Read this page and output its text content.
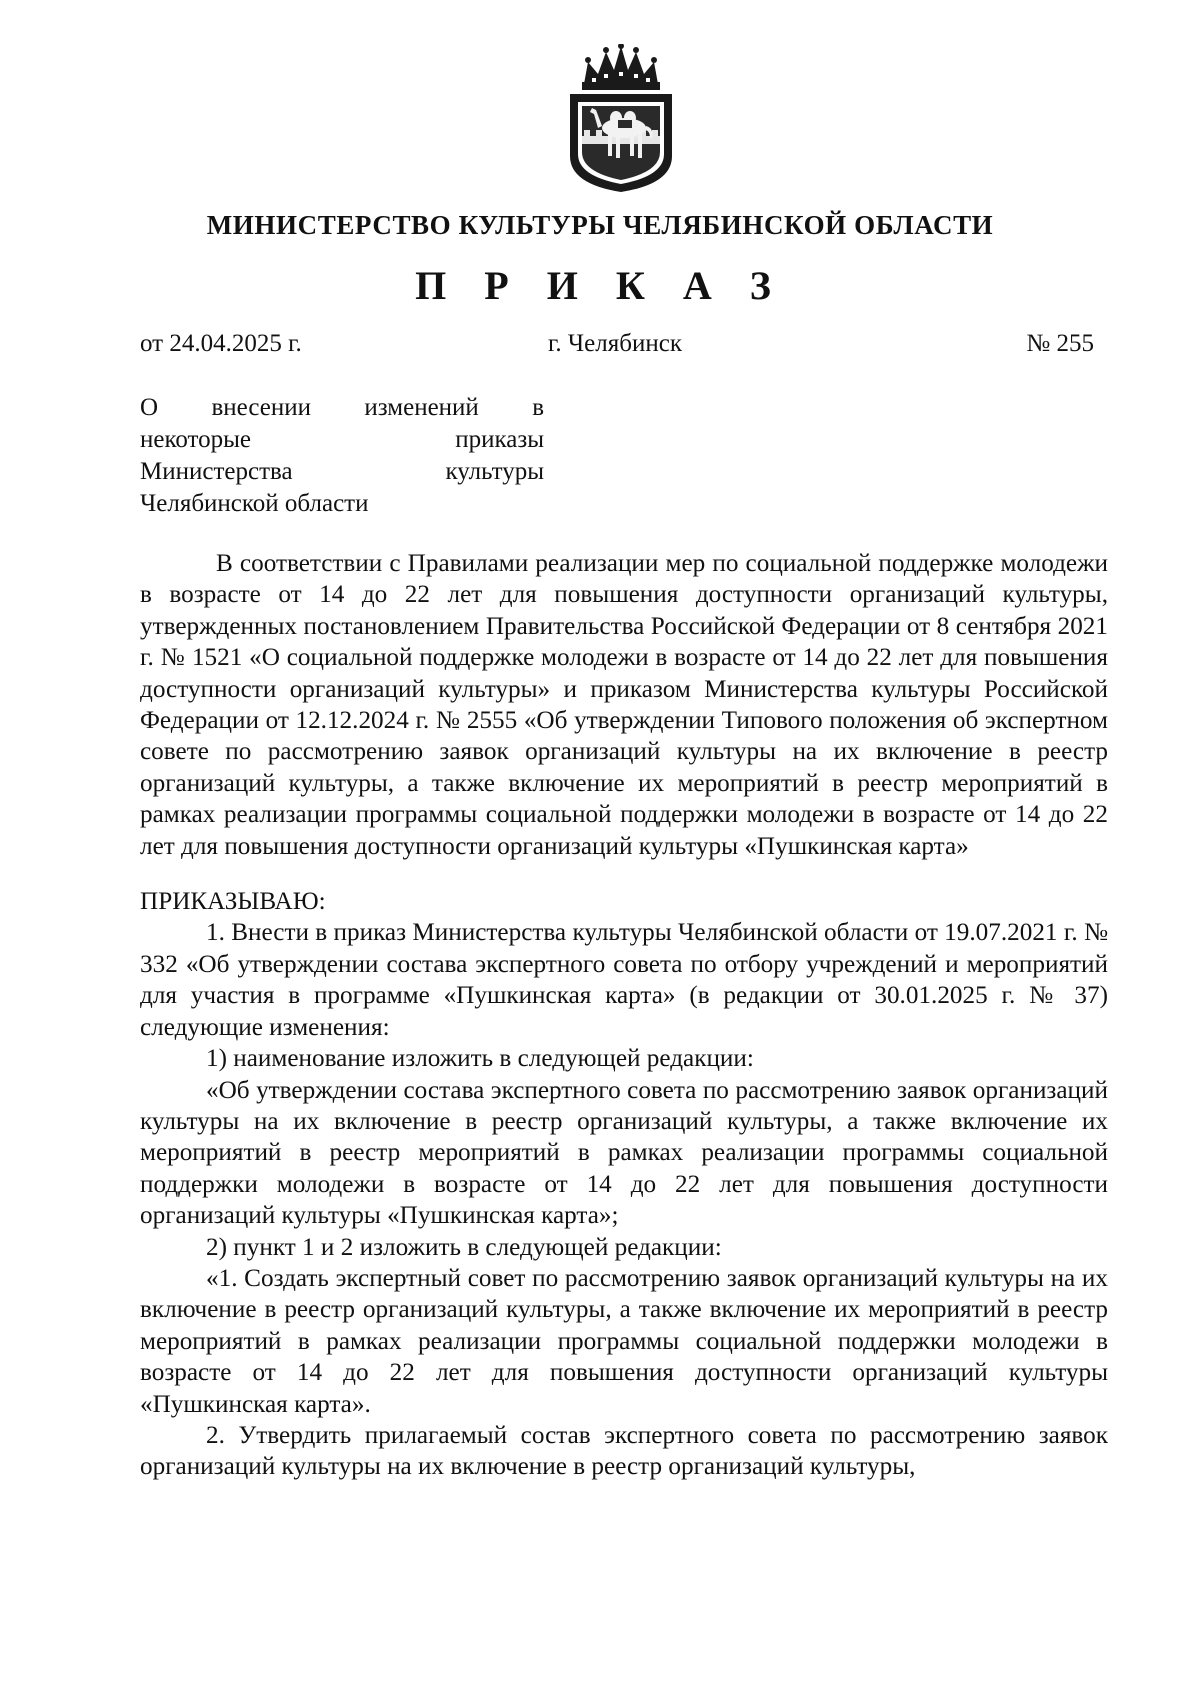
МИНИСТЕРСТВО КУЛЬТУРЫ ЧЕЛЯБИНСКОЙ ОБЛАСТИ
П Р И К А З
от 24.04.2025 г.	г. Челябинск	№ 255
О внесении изменений в
некоторые приказы
Министерства культуры
Челябинской области

В соответствии с Правилами реализации мер по социальной поддержке молодежи в возрасте от 14 до 22 лет для повышения доступности организаций культуры, утвержденных постановлением Правительства Российской Федерации от 8 сентября 2021 г. № 1521 «О социальной поддержке молодежи в возрасте от 14 до 22 лет для повышения доступности организаций культуры» и приказом Министерства культуры Российской Федерации от 12.12.2024 г. № 2555 «Об утверждении Типового положения об экспертном совете по рассмотрению заявок организаций культуры на их включение в реестр организаций культуры, а также включение их мероприятий в реестр мероприятий в рамках реализации программы социальной поддержки молодежи в возрасте от 14 до 22 лет для повышения доступности организаций культуры «Пушкинская карта»

ПРИКАЗЫВАЮ:

1. Внести в приказ Министерства культуры Челябинской области от 19.07.2021 г. № 332 «Об утверждении состава экспертного совета по отбору учреждений и мероприятий для участия в программе «Пушкинская карта» (в редакции от 30.01.2025 г. № 37) следующие изменения:

1) наименование изложить в следующей редакции:

«Об утверждении состава экспертного совета по рассмотрению заявок организаций культуры на их включение в реестр организаций культуры, а также включение их мероприятий в реестр мероприятий в рамках реализации программы социальной поддержки молодежи в возрасте от 14 до 22 лет для повышения доступности организаций культуры «Пушкинская карта»;

2) пункт 1 и 2 изложить в следующей редакции:

«1. Создать экспертный совет по рассмотрению заявок организаций культуры на их включение в реестр организаций культуры, а также включение их мероприятий в реестр мероприятий в рамках реализации программы социальной поддержки молодежи в возрасте от 14 до 22 лет для повышения доступности организаций культуры «Пушкинская карта».

2. Утвердить прилагаемый состав экспертного совета по рассмотрению заявок организаций культуры на их включение в реестр организаций культуры,
